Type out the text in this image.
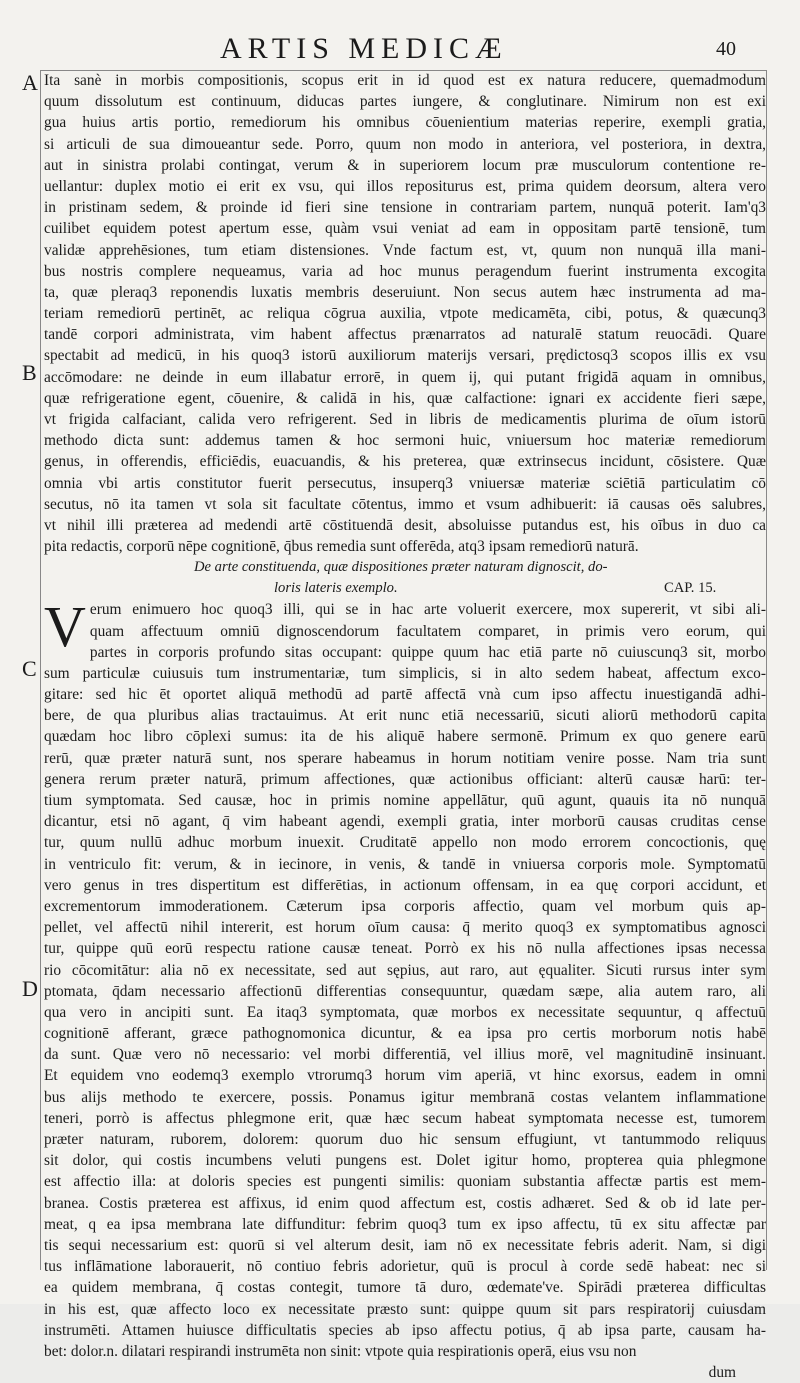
ARTIS MEDICÆ	40
A
B
C
D
Ita sanè in morbis compositionis, scopus erit in id quod est ex natura reducere, quemadmodum
quum dissolutum est continuum, diducas partes iungere, & conglutinare. Nimirum non est exi
gua huius artis portio, remediorum his omnibus cōuenientium materias reperire, exempli gratia,
si articuli de sua dimoueantur sede. Porro, quum non modo in anteriora, vel posteriora, in dextra,
aut in sinistra prolabi contingat, verum & in superiorem locum præ musculorum contentione re-
uellantur: duplex motio ei erit ex vsu, qui illos repositurus est, prima quidem deorsum, altera vero
in pristinam sedem, & proinde id fieri sine tensione in contrariam partem, nunquā poterit. Iam'q3
cuilibet equidem potest apertum esse, quàm vsui veniat ad eam in oppositam partē tensionē, tum
validæ apprehēsiones, tum etiam distensiones. Vnde factum est, vt, quum non nunquā illa mani-
bus nostris complere nequeamus, varia ad hoc munus peragendum fuerint instrumenta excogita
ta, quæ pleraq3 reponendis luxatis membris deseruiunt. Non secus autem hæc instrumenta ad ma-
teriam remediorū pertinēt, ac reliqua cōgrua auxilia, vtpote medicamēta, cibi, potus, & quæcunq3
tandē corpori administrata, vim habent affectus prænarratos ad naturalē statum reuocādi. Quare
spectabit ad medicū, in his quoq3 istorū auxiliorum materijs versari, prędictosq3 scopos illis ex vsu
accōmodare: ne deinde in eum illabatur errorē, in quem ij, qui putant frigidā aquam in omnibus,
quæ refrigeratione egent, cōuenire, & calidā in his, quæ calfactione: ignari ex accidente fieri sæpe,
vt frigida calfaciant, calida vero refrigerent. Sed in libris de medicamentis plurima de oīum istorū
methodo dicta sunt: addemus tamen & hoc sermoni huic, vniuersum hoc materiæ remediorum
genus, in offerendis, efficiēdis, euacuandis, & his preterea, quæ extrinsecus incidunt, cōsistere. Quæ
omnia vbi artis constitutor fuerit persecutus, insuperq3 vniuersæ materiæ sciētiā particulatim cō
secutus, nō ita tamen vt sola sit facultate cōtentus, immo et vsum adhibuerit: iā causas oēs salubres,
vt nihil illi præterea ad medendi artē cōstituendā desit, absoluisse putandus est, his oībus in duo ca
pita redactis, corporū nēpe cognitionē, q̄bus remedia sunt offerēda, atq3 ipsam remediorū naturā.
De arte constituenda, quæ dispositiones præter naturam dignoscit, do-
loris lateris exemplo.	CAP. 15.
V erum enimuero hoc quoq3 illi, qui se in hac arte voluerit exercere, mox supererit, vt sibi ali-
quam affectuum omniū dignoscendorum facultatem comparet, in primis vero eorum, qui
partes in corporis profundo sitas occupant: quippe quum hac etiā parte nō cuiuscunq3 sit, morbo
sum particulæ cuiusuis tum instrumentariæ, tum simplicis, si in alto sedem habeat, affectum exco-
gitare: sed hic ēt oportet aliquā methodū ad partē affectā vnà cum ipso affectu inuestigandā adhi-
bere, de qua pluribus alias tractauimus. At erit nunc etiā necessariū, sicuti aliorū methodorū capita
quædam hoc libro cōplexi sumus: ita de his aliquē habere sermonē. Primum ex quo genere earū
rerū, quæ præter naturā sunt, nos sperare habeamus in horum notitiam venire posse. Nam tria sunt
genera rerum præter naturā, primum affectiones, quæ actionibus officiant: alterū causæ harū: ter-
tium symptomata. Sed causæ, hoc in primis nomine appellātur, quū agunt, quauis ita nō nunquā
dicantur, etsi nō agant, q̄ vim habeant agendi, exempli gratia, inter morborū causas cruditas cense
tur, quum nullū adhuc morbum inuexit. Cruditatē appello non modo errorem concoctionis, quę
in ventriculo fit: verum, & in iecinore, in venis, & tandē in vniuersa corporis mole. Symptomatū
vero genus in tres dispertitum est differētias, in actionum offensam, in ea quę corpori accidunt, et
excrementorum immoderationem. Cæterum ipsa corporis affectio, quam vel morbum quis ap-
pellet, vel affectū nihil intererit, est horum oīum causa: q̄ merito quoq3 ex symptomatibus agnosci
tur, quippe quū eorū respectu ratione causæ teneat. Porrò ex his nō nulla affectiones ipsas necessa
rio cōcomitātur: alia nō ex necessitate, sed aut sępius, aut raro, aut ęqualiter. Sicuti rursus inter sym
ptomata, q̄dam necessario affectionū differentias consequuntur, quædam sæpe, alia autem raro, ali
qua vero in ancipiti sunt. Ea itaq3 symptomata, quæ morbos ex necessitate sequuntur, q affectuū
cognitionē afferant, græce pathognomonica dicuntur, & ea ipsa pro certis morborum notis habē
da sunt. Quæ vero nō necessario: vel morbi differentiā, vel illius morē, vel magnitudinē insinuant.
Et equidem vno eodemq3 exemplo vtrorumq3 horum vim aperiā, vt hinc exorsus, eadem in omni
bus alijs methodo te exercere, possis. Ponamus igitur membranā costas velantem inflammatione
teneri, porrò is affectus phlegmone erit, quæ hæc secum habeat symptomata necesse est, tumorem
præter naturam, ruborem, dolorem: quorum duo hic sensum effugiunt, vt tantummodo reliquus
sit dolor, qui costis incumbens veluti pungens est. Dolet igitur homo, propterea quia phlegmone
est affectio illa: at doloris species est pungenti similis: quoniam substantia affectæ partis est mem-
branea. Costis præterea est affixus, id enim quod affectum est, costis adhæret. Sed & ob id late per-
meat, q ea ipsa membrana late diffunditur: febrim quoq3 tum ex ipso affectu, tū ex situ affectæ par
tis sequi necessarium est: quorū si vel alterum desit, iam nō ex necessitate febris aderit. Nam, si digi
tus inflāmatione laborauerit, nō contiuo febris adorietur, quū is procul à corde sedē habeat: nec si
ea quidem membrana, q̄ costas contegit, tumore tā duro, œdemate've. Spirādi præterea difficultas
in his est, quæ affecto loco ex necessitate præsto sunt: quippe quum sit pars respiratorij cuiusdam
instrumēti. Attamen huiusce difficultatis species ab ipso affectu potius, q̄ ab ipsa parte, causam ha-
bet: dolor.n. dilatari respirandi instrumēta non sinit: vtpote quia respirationis operā, eius vsu non
dum
